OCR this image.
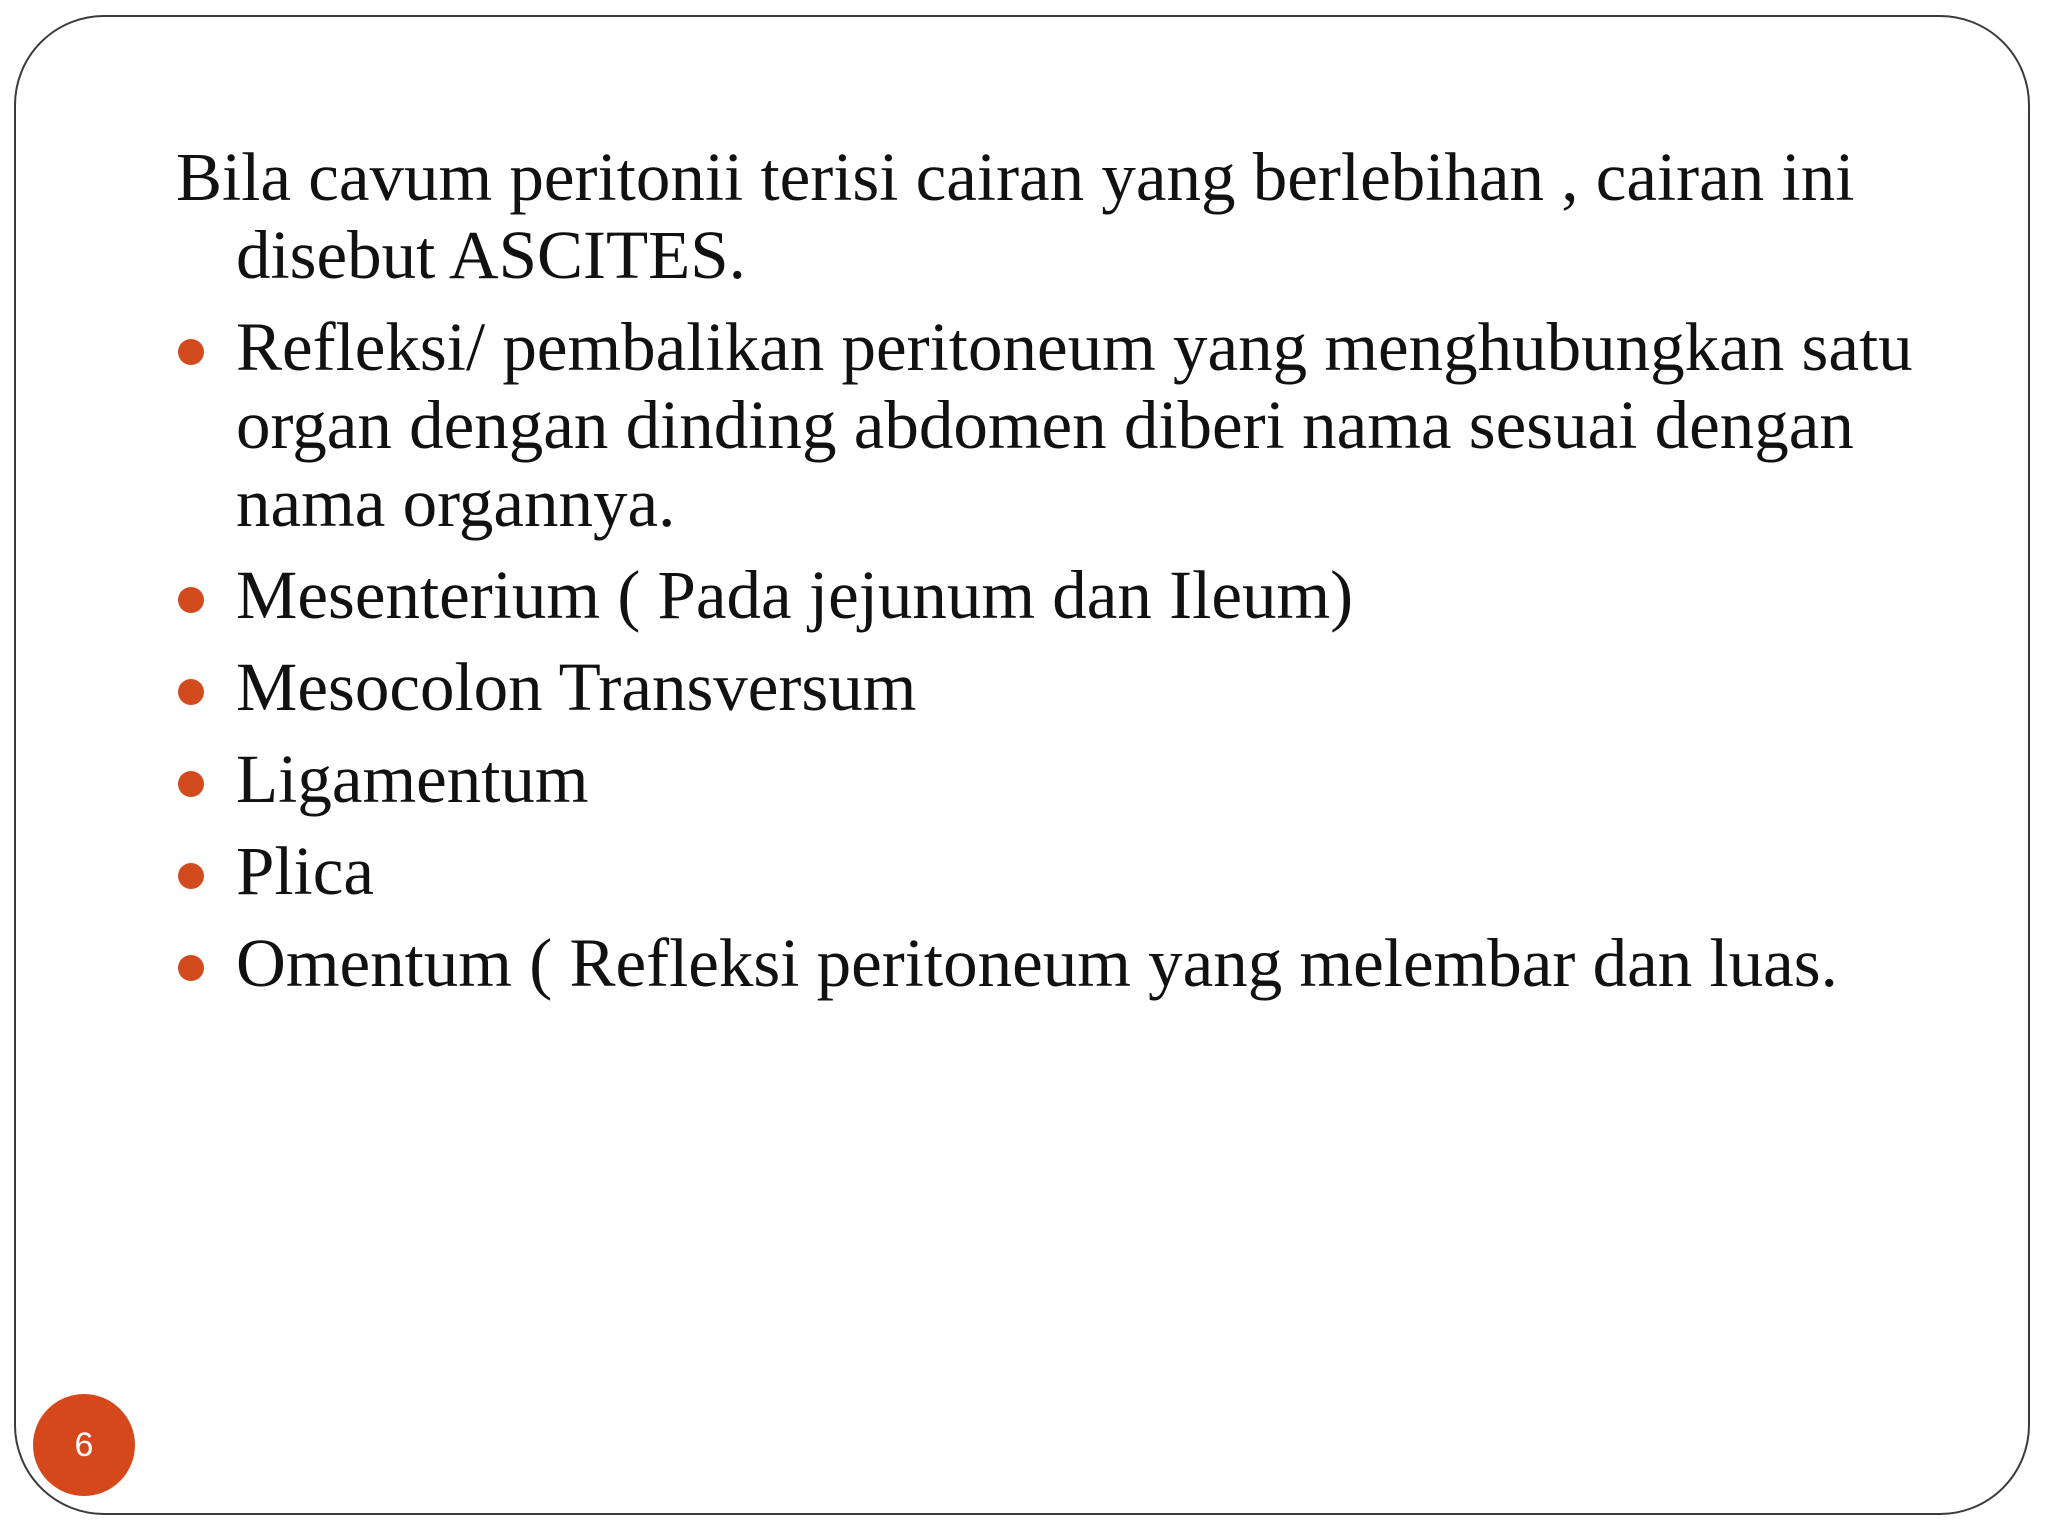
Bila cavum peritonii terisi cairan yang berlebihan , cairan ini disebut ASCITES.

Refleksi/ pembalikan peritoneum yang menghubungkan satu organ dengan dinding abdomen diberi nama sesuai dengan nama organnya.
Mesenterium ( Pada jejunum dan Ileum)
Mesocolon Transversum
Ligamentum
Plica
Omentum ( Refleksi peritoneum yang melembar dan luas.
6
